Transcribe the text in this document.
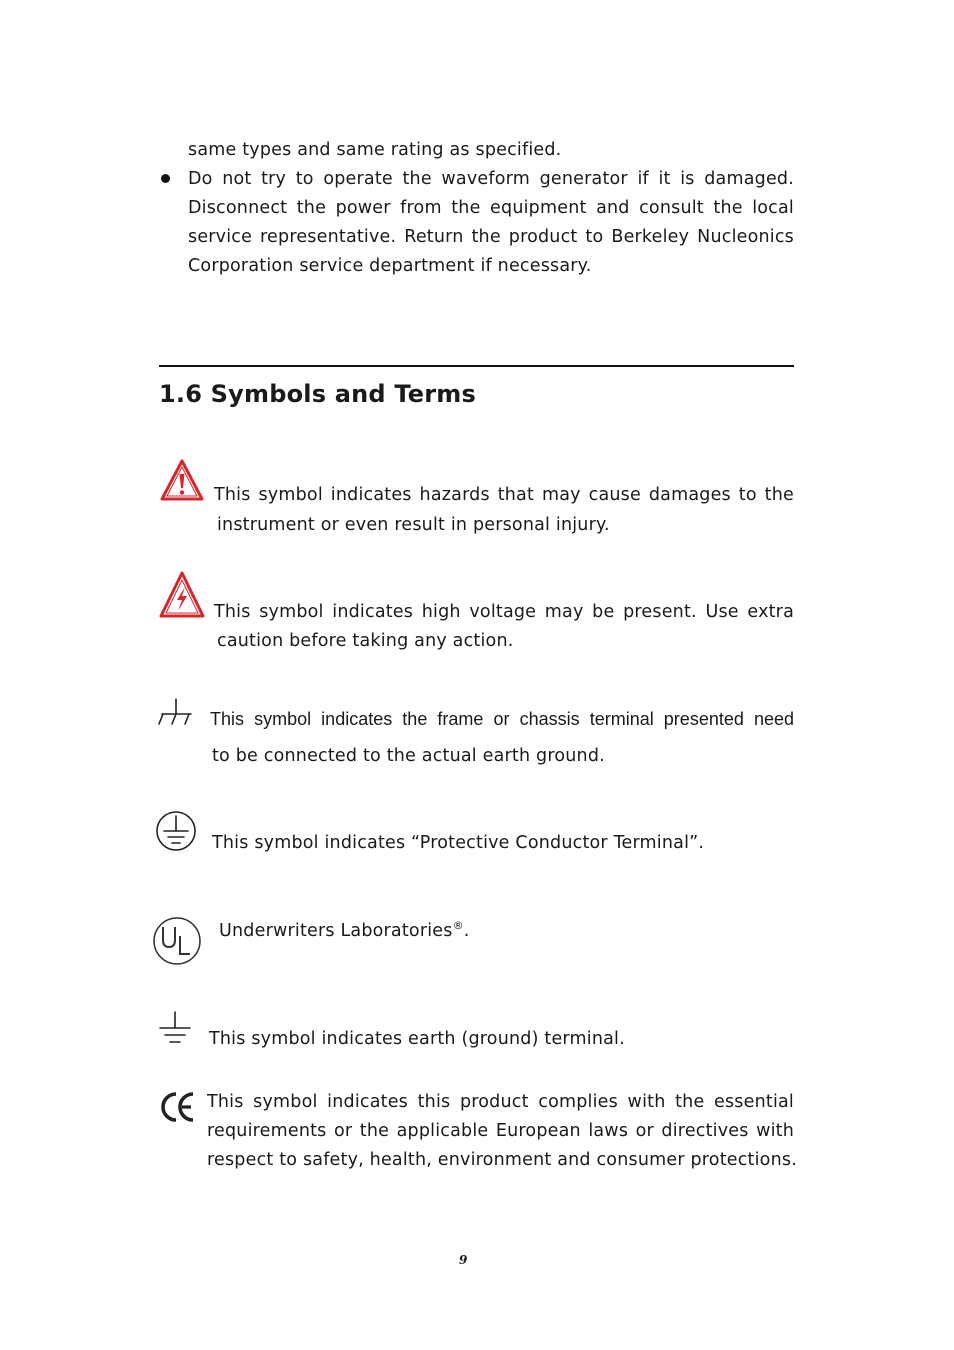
same types and same rating as specified.
Do not try to operate the waveform generator if it is damaged.
Disconnect the power from the equipment and consult the local
service representative. Return the product to Berkeley Nucleonics
Corporation service department if necessary.
1.6 Symbols and Terms
This symbol indicates hazards that may cause damages to the
instrument or even result in personal injury.
This symbol indicates high voltage may be present. Use extra
caution before taking any action.
This symbol indicates the frame or chassis terminal presented need
to be connected to the actual earth ground.
This symbol indicates “Protective Conductor Terminal”.
Underwriters Laboratories®.
This symbol indicates earth (ground) terminal.
This symbol indicates this product complies with the essential
requirements or the applicable European laws or directives with
respect to safety, health, environment and consumer protections.
9
